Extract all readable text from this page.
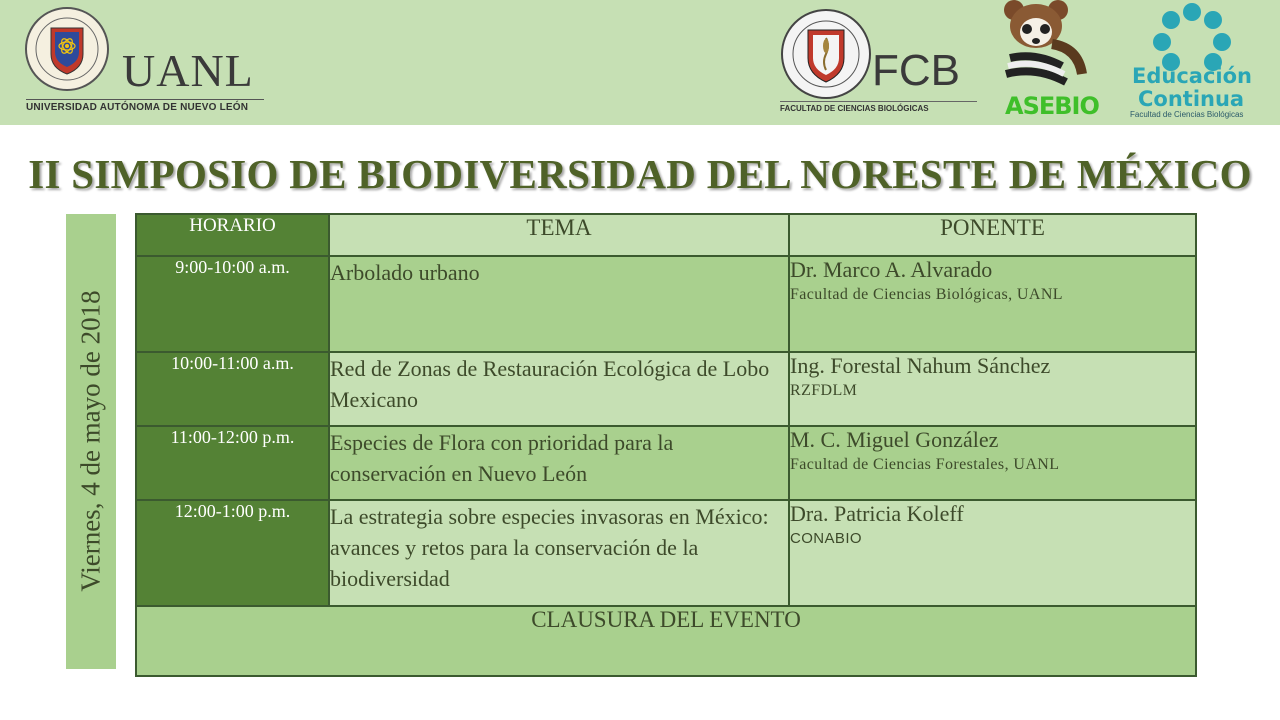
UANL
UNIVERSIDAD AUTÓNOMA DE NUEVO LEÓN
FCB
FACULTAD DE CIENCIAS BIOLÓGICAS	ASEBIO
Educación
Continua
Facultad de Ciencias Biológicas
II SIMPOSIO DE BIODIVERSIDAD DEL NORESTE DE MÉXICO
Viernes, 4 de mayo de 2018
HORARIO	TEMA	PONENTE
9:00-10:00 a.m.	Arbolado urbano	Dr. Marco A. Alvarado
Facultad de Ciencias Biológicas, UANL

10:00-11:00 a.m.	Red de Zonas de Restauración Ecológica de Lobo Mexicano	Ing. Forestal Nahum Sánchez
RZFDLM

11:00-12:00 p.m.	Especies de Flora con prioridad para la conservación en Nuevo León	M. C. Miguel González
Facultad de Ciencias Forestales, UANL

12:00-1:00 p.m.	La estrategia sobre especies invasoras en México: avances y retos para la conservación de la biodiversidad	Dra. Patricia Koleff
CONABIO

CLAUSURA DEL EVENTO		
